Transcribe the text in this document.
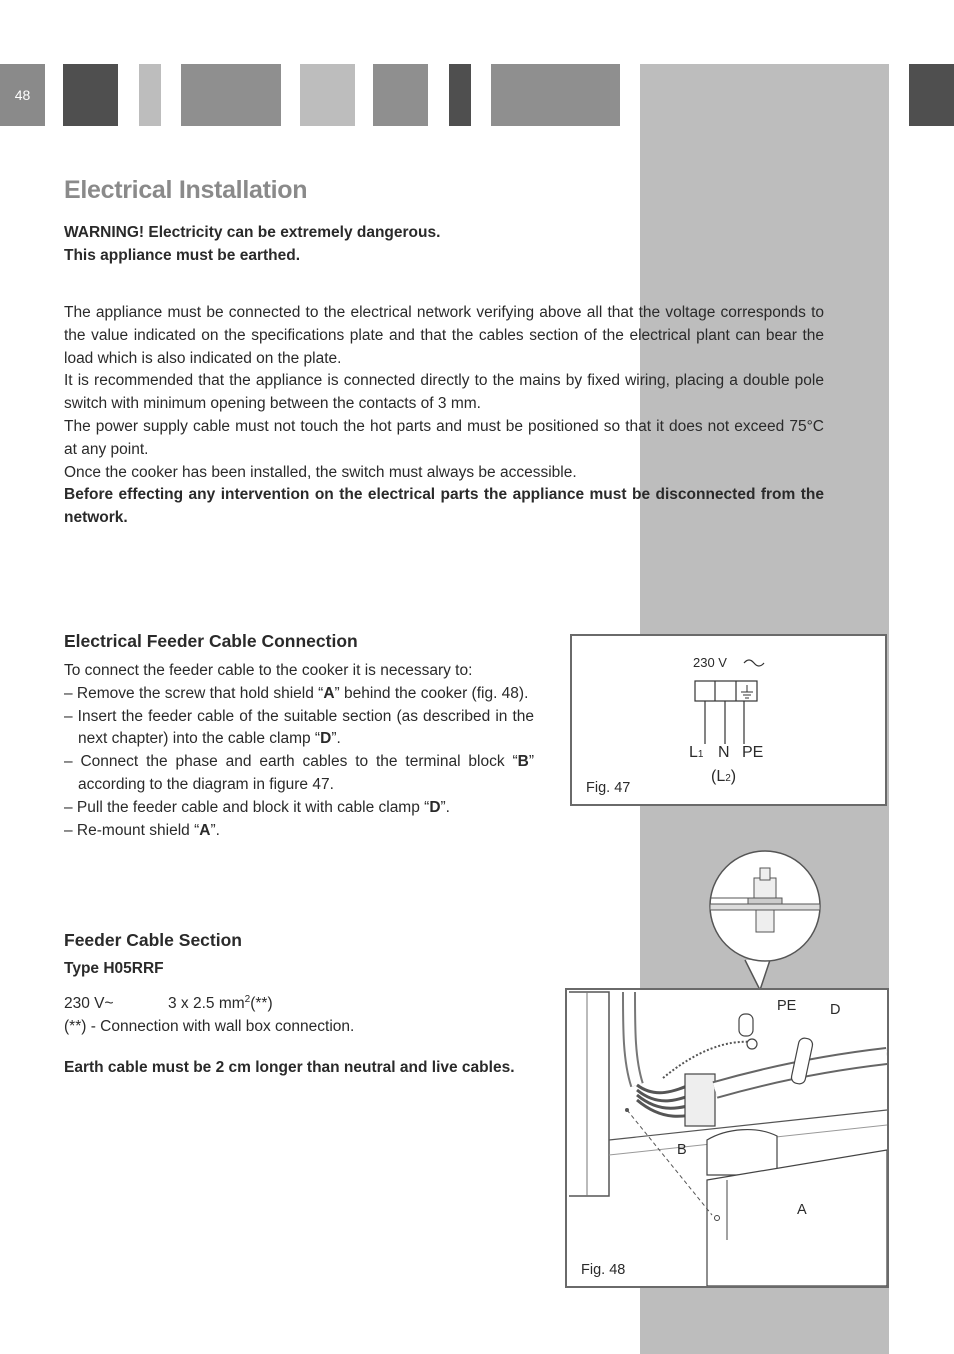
48
Electrical Installation
WARNING! Electricity can be extremely dangerous.
This appliance must be earthed.

The appliance must be connected to the electrical network verifying above all that the voltage corresponds to the value indicated on the specifications plate and that the cables section of the electrical plant can bear the load which is also indicated on the plate.

It is recommended that the appliance is connected directly to the mains by fixed wiring, placing a double pole switch with minimum opening between the contacts of 3 mm.

The power supply cable must not touch the hot parts and must be positioned so that it does not exceed 75°C at any point.

Once the cooker has been installed, the switch must always be accessible.

Before effecting any intervention on the electrical parts the appliance must be disconnected from the network.

Electrical Feeder Cable Connection

To connect the feeder cable to the cooker it is necessary to:

– Remove the screw that hold shield “A” behind the cooker (fig. 48).
– Insert the feeder cable of the suitable section (as described in the next chapter) into the cable clamp “D”.
– Connect the phase and earth cables to the terminal block “B” according to the diagram in figure 47.
– Pull the feeder cable and block it with cable clamp “D”.
– Re-mount shield “A”.
Feeder Cable Section
Type H05RRF
230 V~	3 x 2.5 $mm^2(**)$
(**) - Connection with wall box connection.
Earth cable must be 2 cm longer than neutral and live cables.
230 V
L1 N PE
(L2)
Fig. 47
PE D
B
A
Fig. 48
